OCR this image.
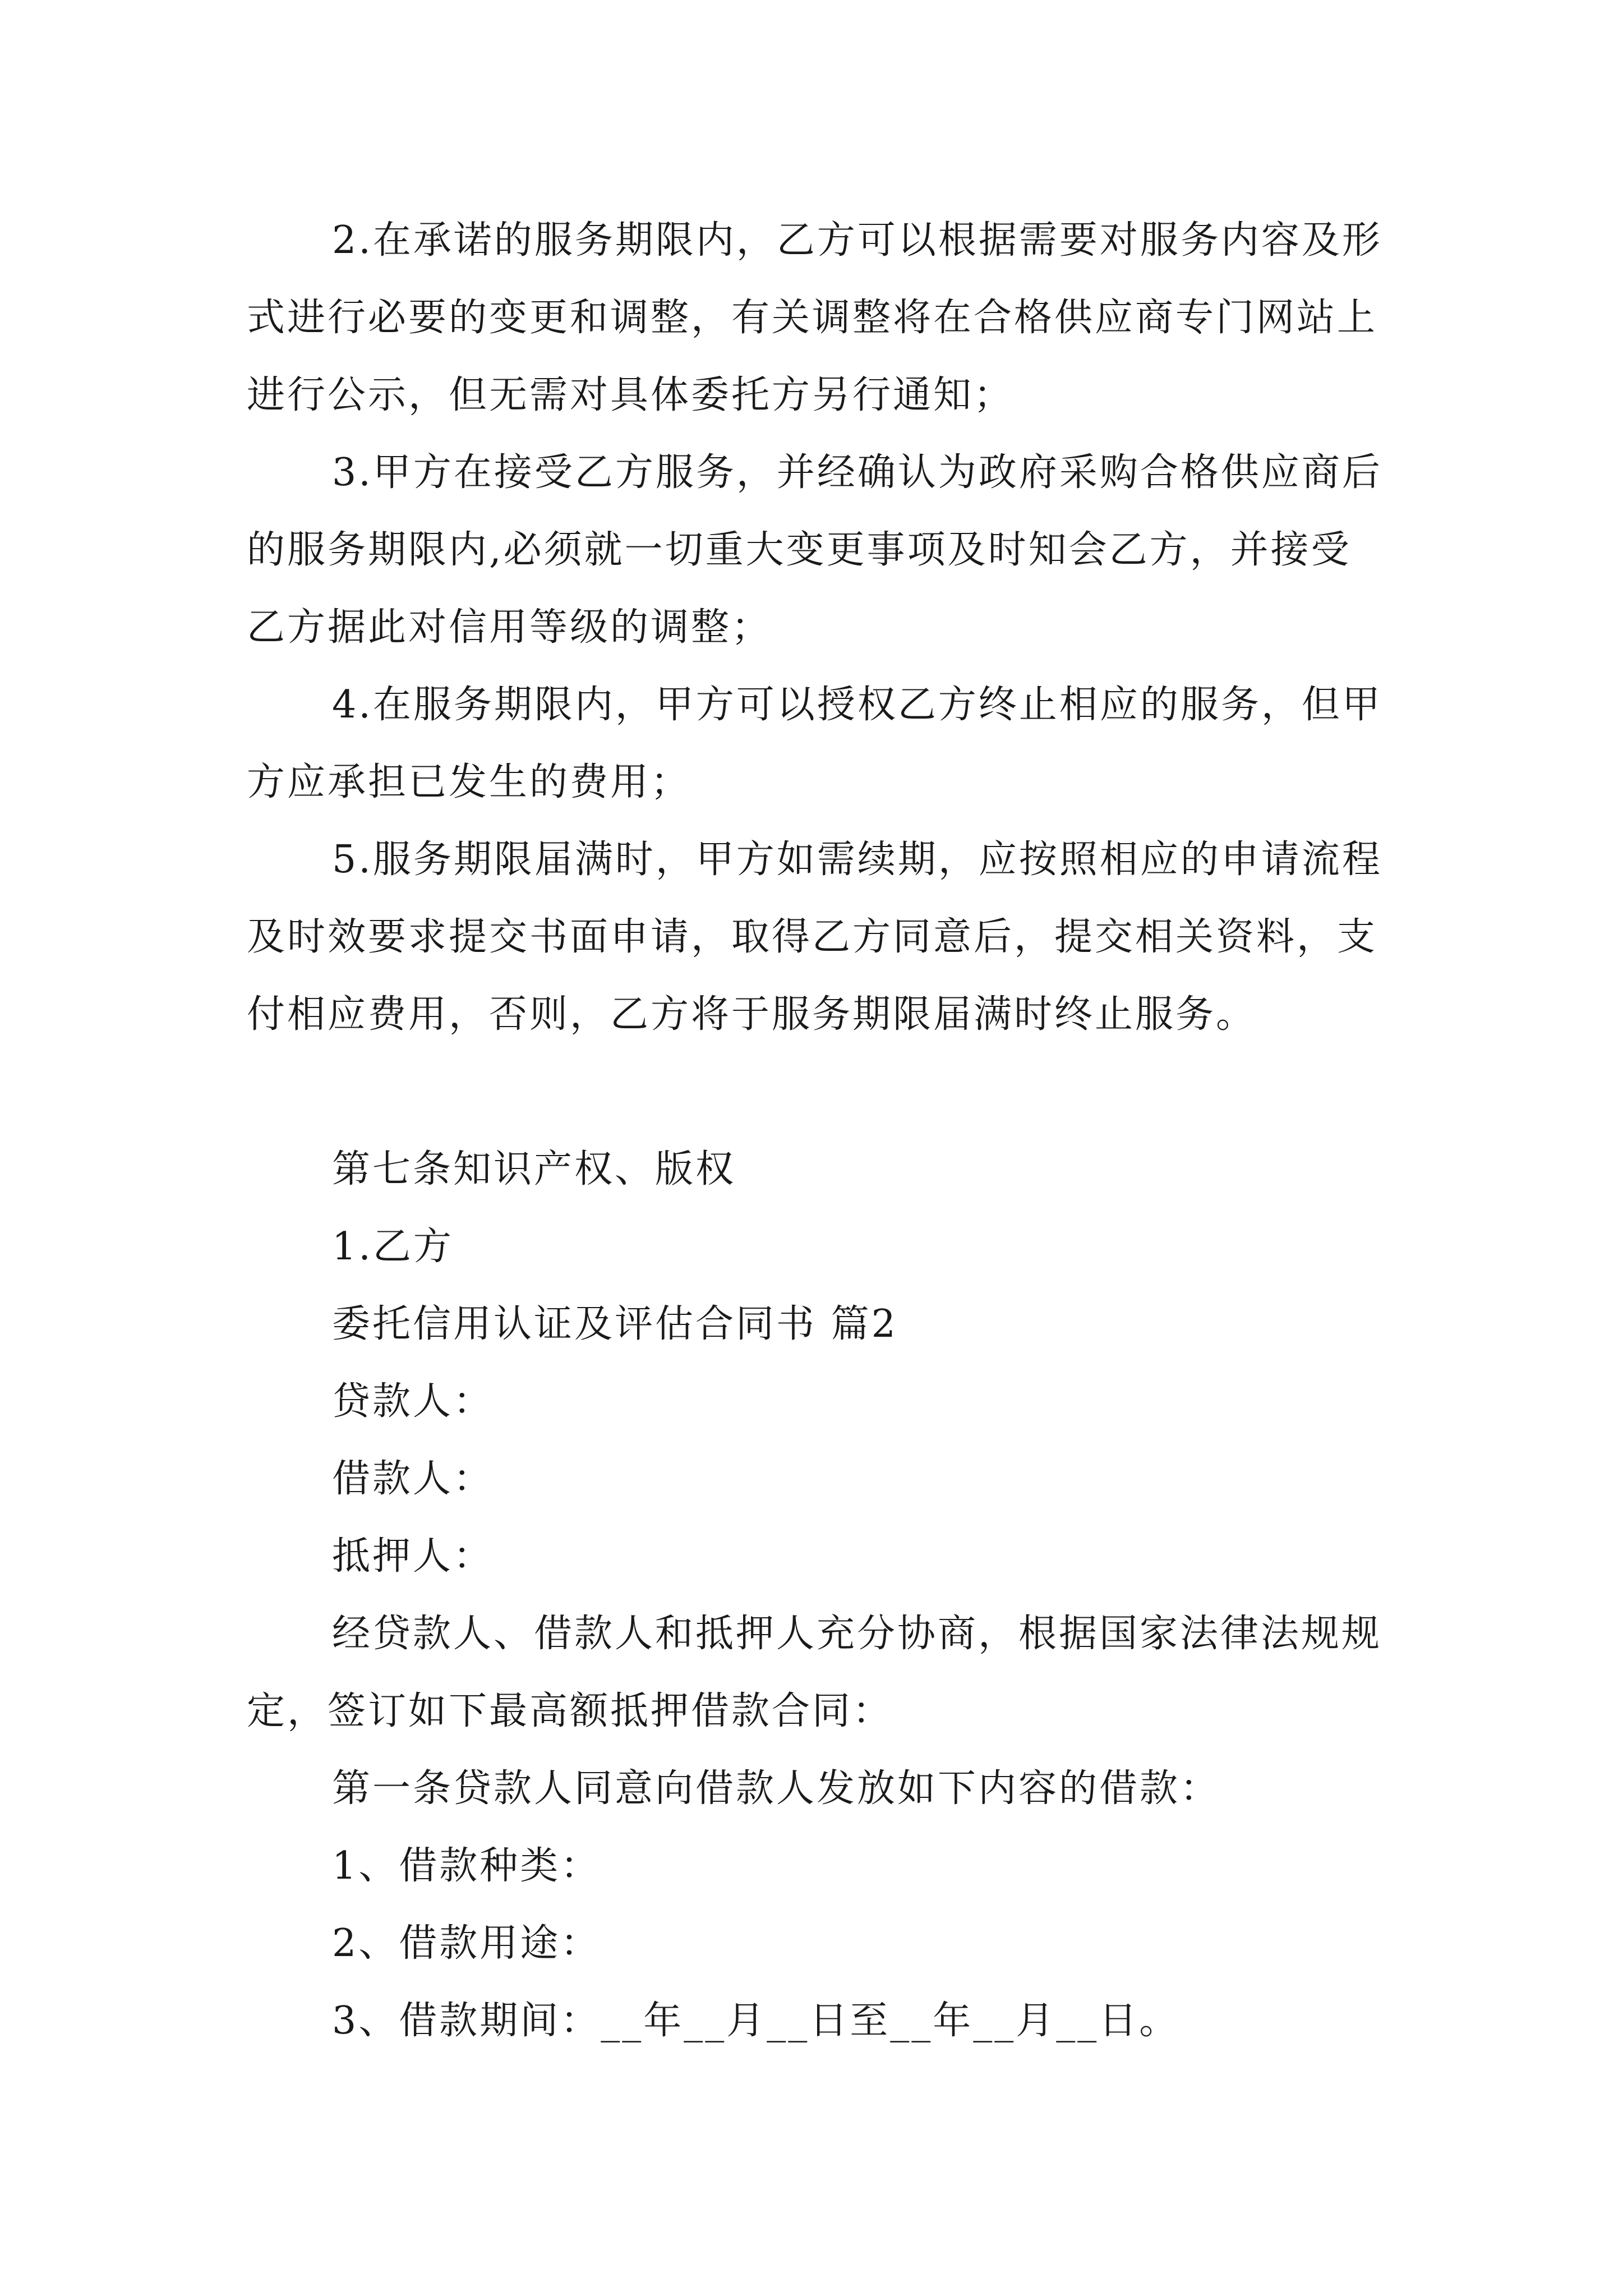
2.在承诺的服务期限内，乙方可以根据需要对服务内容及形式进行必要的变更和调整，有关调整将在合格供应商专门网站上进行公示，但无需对具体委托方另行通知；
3.甲方在接受乙方服务，并经确认为政府采购合格供应商后的服务期限内,必须就一切重大变更事项及时知会乙方，并接受乙方据此对信用等级的调整；
4.在服务期限内，甲方可以授权乙方终止相应的服务，但甲方应承担已发生的费用；
5.服务期限届满时，甲方如需续期，应按照相应的申请流程及时效要求提交书面申请，取得乙方同意后，提交相关资料，支付相应费用，否则，乙方将于服务期限届满时终止服务。
第七条知识产权、版权
1.乙方
委托信用认证及评估合同书 篇2
贷款人：
借款人：
抵押人：
经贷款人、借款人和抵押人充分协商，根据国家法律法规规定，签订如下最高额抵押借款合同：
第一条贷款人同意向借款人发放如下内容的借款：
1、借款种类：
2、借款用途：
3、借款期间：__年__月__日至__年__月__日。
